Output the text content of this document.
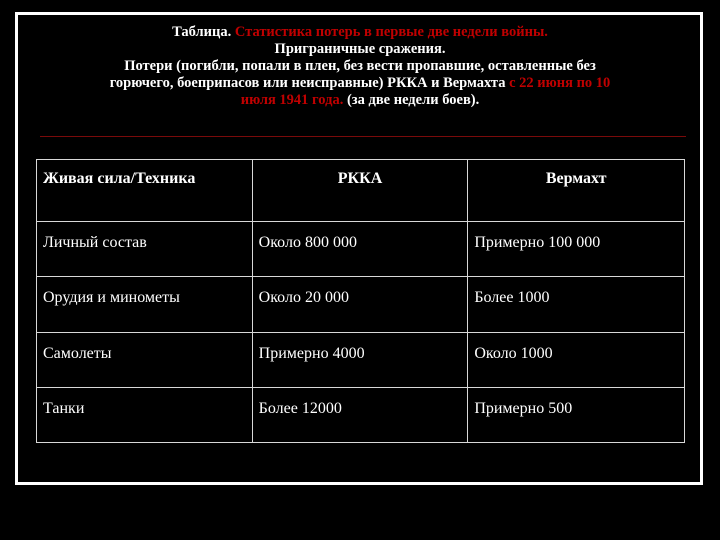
Таблица. Статистика потерь в первые две недели войны.
Приграничные сражения.
Потери (погибли, попали в плен, без вести пропавшие, оставленные без
горючего, боеприпасов или неисправные) РККА и Вермахта с 22 июня по 10
июля 1941 года. (за две недели боев).
Живая сила/Техника	РККА	Вермахт
Личный состав	Около 800 000	Примерно 100 000
Орудия и минометы	Около 20 000	Более 1000
Самолеты	Примерно 4000	Около 1000
Танки	Более 12000	Примерно 500
